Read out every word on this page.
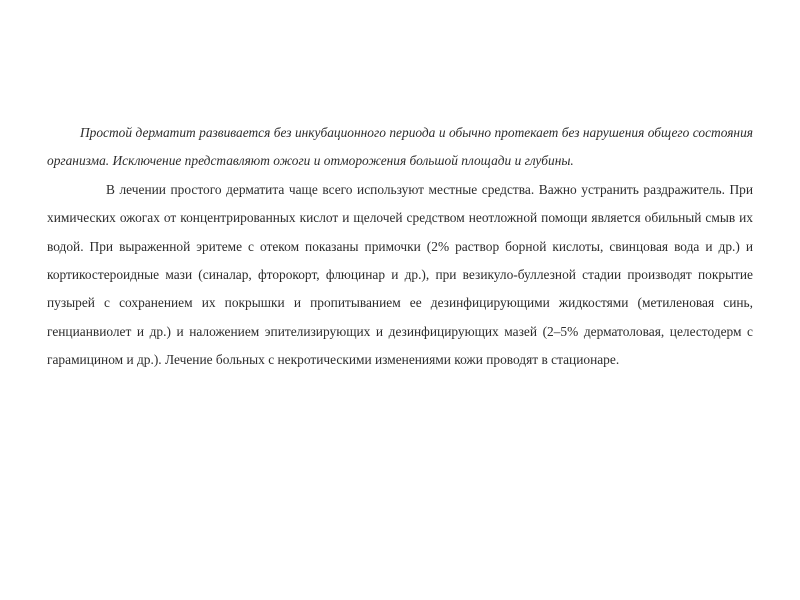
Простой дерматит развивается без инкубационного периода и обычно протекает без нарушения общего состояния организма. Исключение представляют ожоги и отморожения большой площади и глубины.

В лечении простого дерматита чаще всего используют местные средства. Важно устранить раздражитель. При химических ожогах от концентрированных кислот и щелочей средством неотложной помощи является обильный смыв их водой. При выраженной эритеме с отеком показаны примочки (2% раствор борной кислоты, свинцовая вода и др.) и кортикостероидные мази (синалар, фторокорт, флюцинар и др.), при везикуло-буллезной стадии производят покрытие пузырей с сохранением их покрышки и пропитыванием ее дезинфицирующими жидкостями (метиленовая синь, генцианвиолет и др.) и наложением эпителизирующих и дезинфицирующих мазей (2–5% дерматоловая, целестодерм с гарамицином и др.). Лечение больных с некротическими изменениями кожи проводят в стационаре.
